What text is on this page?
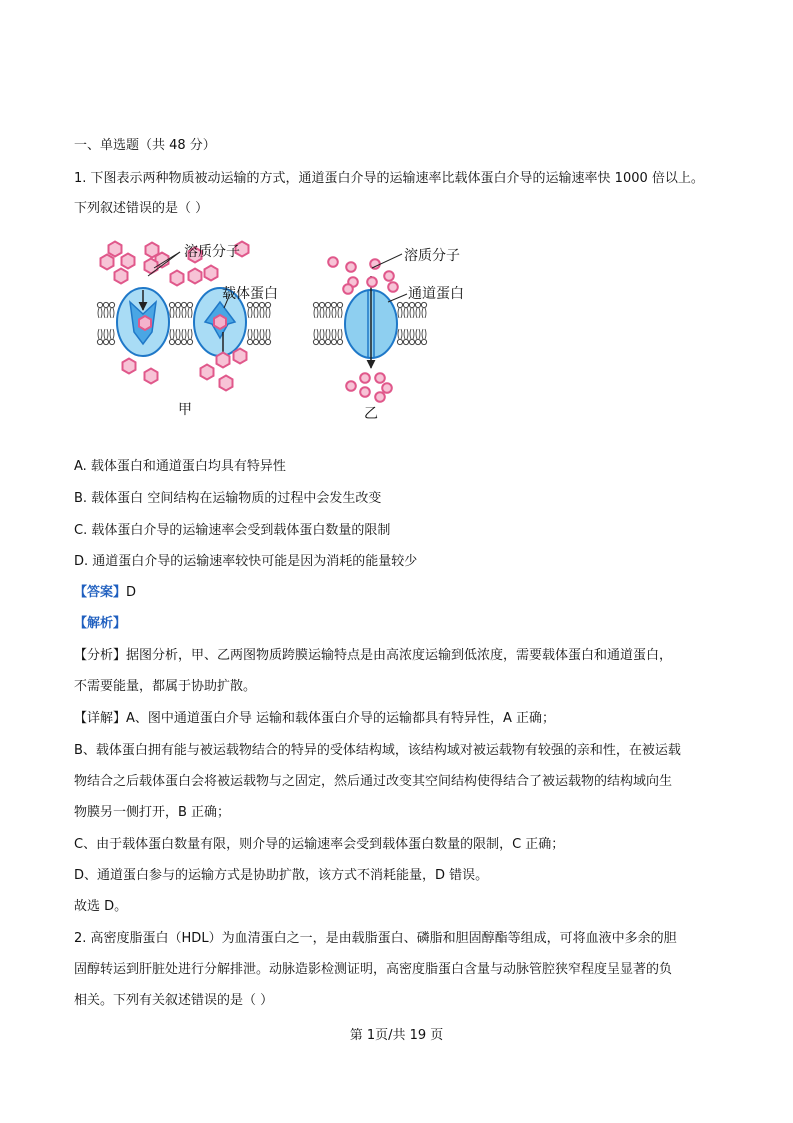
一、单选题（共 48 分）
1. 下图表示两种物质被动运输的方式，通道蛋白介导的运输速率比载体蛋白介导的运输速率快 1000 倍以上。
下列叙述错误的是（ ）
溶质分子
载体蛋白
溶质分子
通道蛋白
甲	乙
A. 载体蛋白和通道蛋白均具有特异性
B. 载体蛋白 空间结构在运输物质的过程中会发生改变
C. 载体蛋白介导的运输速率会受到载体蛋白数量的限制
D. 通道蛋白介导的运输速率较快可能是因为消耗的能量较少
【答案】D
【解析】
【分析】据图分析，甲、乙两图物质跨膜运输特点是由高浓度运输到低浓度，需要载体蛋白和通道蛋白，
不需要能量，都属于协助扩散。
【详解】A、图中通道蛋白介导 运输和载体蛋白介导的运输都具有特异性，A 正确；
B、载体蛋白拥有能与被运载物结合的特异的受体结构域，该结构域对被运载物有较强的亲和性，在被运载
物结合之后载体蛋白会将被运载物与之固定，然后通过改变其空间结构使得结合了被运载物的结构域向生
物膜另一侧打开，B 正确；
C、由于载体蛋白数量有限，则介导的运输速率会受到载体蛋白数量的限制，C 正确；
D、通道蛋白参与的运输方式是协助扩散，该方式不消耗能量，D 错误。
故选 D。
2. 高密度脂蛋白（HDL）为血清蛋白之一，是由载脂蛋白、磷脂和胆固醇酯等组成，可将血液中多余的胆
固醇转运到肝脏处进行分解排泄。动脉造影检测证明，高密度脂蛋白含量与动脉管腔狭窄程度呈显著的负
相关。下列有关叙述错误的是（ ）
第 1页/共 19 页
